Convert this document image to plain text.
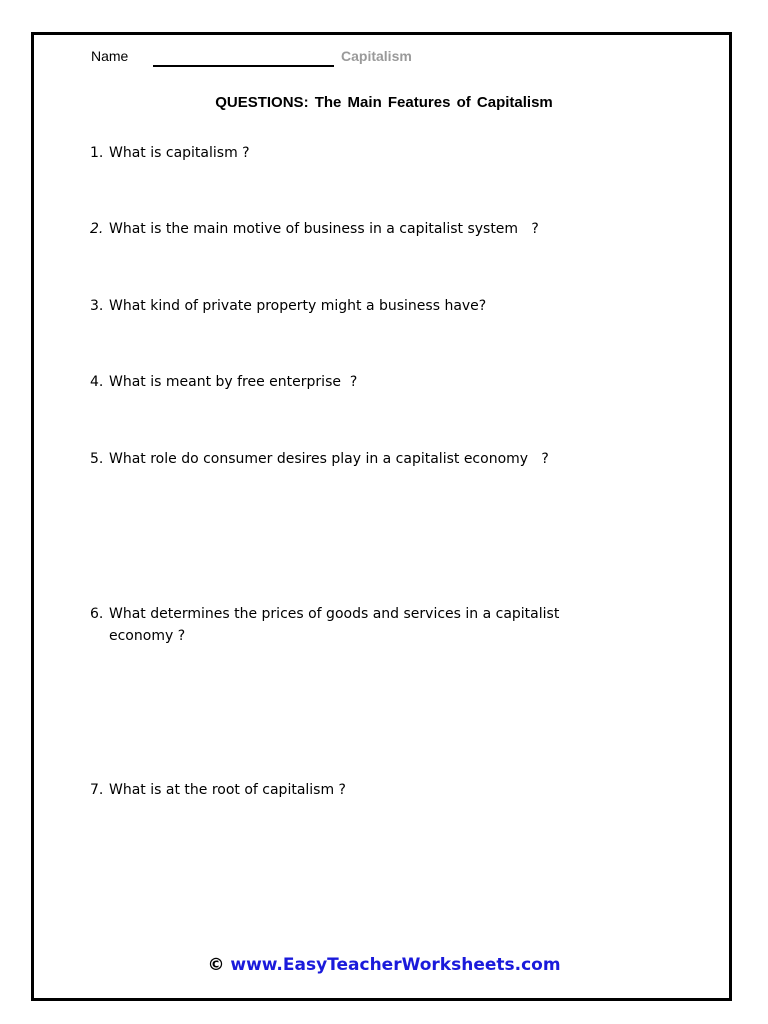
Name	Capitalism
QUESTIONS: The Main Features of Capitalism
1. What is capitalism ?
2. What is the main motive of business in a capitalist system   ?
3. What kind of private property might a business have?
4. What is meant by free enterprise  ?
5. What role do consumer desires play in a capitalist economy   ?
6. What determines the prices of goods and services in a capitalist economy ?
7. What is at the root of capitalism ?
© www.EasyTeacherWorksheets.com
